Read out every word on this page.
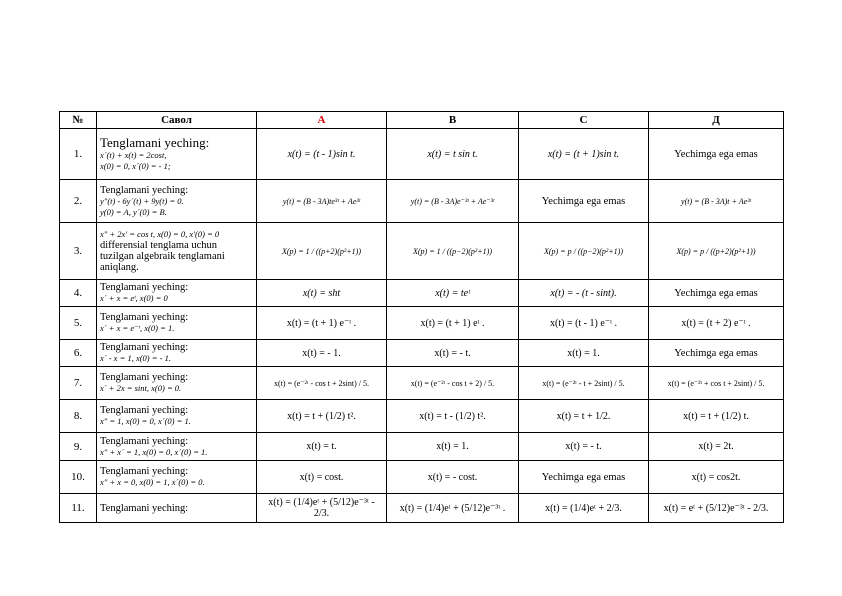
№	Савол	A	B	C	Д
1.	Tenglamani yeching:
x´(t) + x(t) = 2cost,
x(0) = 0, x´(0) = - 1;	x(t) = (t - 1)sin t.	x(t) = t sin t.	x(t) = (t + 1)sin t.	Yechimga ega emas
2.	Tenglamani yeching:
y″(t) - 6y´(t) + 9y(t) = 0.
y(0) = A, y´(0) = B.	y(t) = (B - 3A)te³ᵗ + Ae³ᵗ	y(t) = (B - 3A)e⁻³ᵗ + Ae⁻³ᵗ	Yechimga ega emas	y(t) = (B - 3A)t + Ae³ᵗ
3.	x″ + 2x′ = cos t, x(0) = 0, x′(0) = 0
differensial tenglama uchun tuzilgan algebraik tenglamani aniqlang.	X(p) = 1 / ((p+2)(p²+1))	X(p) = 1 / ((p−2)(p²+1))	X(p) = p / ((p−2)(p²+1))	X(p) = p / ((p+2)(p²+1))
4.	Tenglamani yeching:
x´ + x = eᵗ, x(0) = 0	x(t) = sht	x(t) = teᵗ	x(t) = - (t - sint).	Yechimga ega emas
5.	Tenglamani yeching:
x´ + x = e⁻ᵗ, x(0) = 1.	x(t) = (t + 1) e⁻ᵗ .	x(t) = (t + 1) eᵗ .	x(t) = (t - 1) e⁻ᵗ .	x(t) = (t + 2) e⁻ᵗ .
6.	Tenglamani yeching:
x´ - x = 1, x(0) = - 1.	x(t) = - 1.	x(t) = - t.	x(t) = 1.	Yechimga ega emas
7.	Tenglamani yeching:
x´ + 2x = sint, x(0) = 0.	x(t) = (e⁻²ᵗ - cos t + 2sint) / 5.	x(t) = (e⁻²ᵗ - cos t + 2) / 5.	x(t) = (e⁻²ᵗ - t + 2sint) / 5.	x(t) = (e⁻²ᵗ + cos t + 2sint) / 5.
8.	Tenglamani yeching:
x″ = 1, x(0) = 0, x´(0) = 1.	x(t) = t + (1/2) t².	x(t) = t - (1/2) t².	x(t) = t + 1/2.	x(t) = t + (1/2) t.
9.	Tenglamani yeching:
x″ + x´ = 1, x(0) = 0, x´(0) = 1.	x(t) = t.	x(t) = 1.	x(t) = - t.	x(t) = 2t.
10.	Tenglamani yeching:
x″ + x = 0, x(0) = 1, x´(0) = 0.	x(t) = cost.	x(t) = - cost.	Yechimga ega emas	x(t) = cos2t.
11.	Tenglamani yeching:	x(t) = (1/4)eᵗ + (5/12)e⁻³ᵗ - 2/3.	x(t) = (1/4)eᵗ + (5/12)e⁻³ᵗ .	x(t) = (1/4)eᵗ + 2/3.	x(t) = eᵗ + (5/12)e⁻³ᵗ - 2/3.
